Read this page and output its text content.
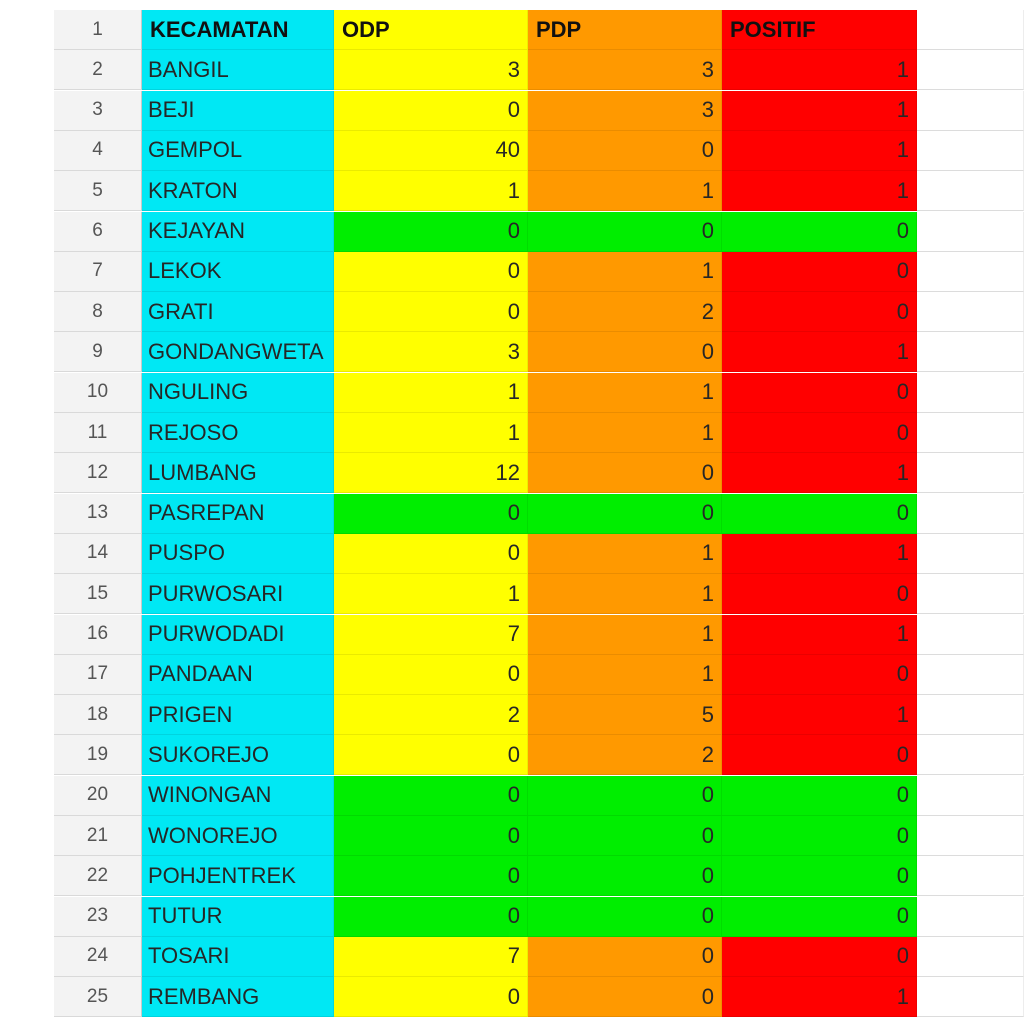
1	KECAMATAN	ODP	PDP	POSITIF
2	BANGIL	3	3	1
3	BEJI	0	3	1
4	GEMPOL	40	0	1
5	KRATON	1	1	1
6	KEJAYAN	0	0	0
7	LEKOK	0	1	0
8	GRATI	0	2	0
9	GONDANGWETA	3	0	1
10	NGULING	1	1	0
11	REJOSO	1	1	0
12	LUMBANG	12	0	1
13	PASREPAN	0	0	0
14	PUSPO	0	1	1
15	PURWOSARI	1	1	0
16	PURWODADI	7	1	1
17	PANDAAN	0	1	0
18	PRIGEN	2	5	1
19	SUKOREJO	0	2	0
20	WINONGAN	0	0	0
21	WONOREJO	0	0	0
22	POHJENTREK	0	0	0
23	TUTUR	0	0	0
24	TOSARI	7	0	0
25	REMBANG	0	0	1
